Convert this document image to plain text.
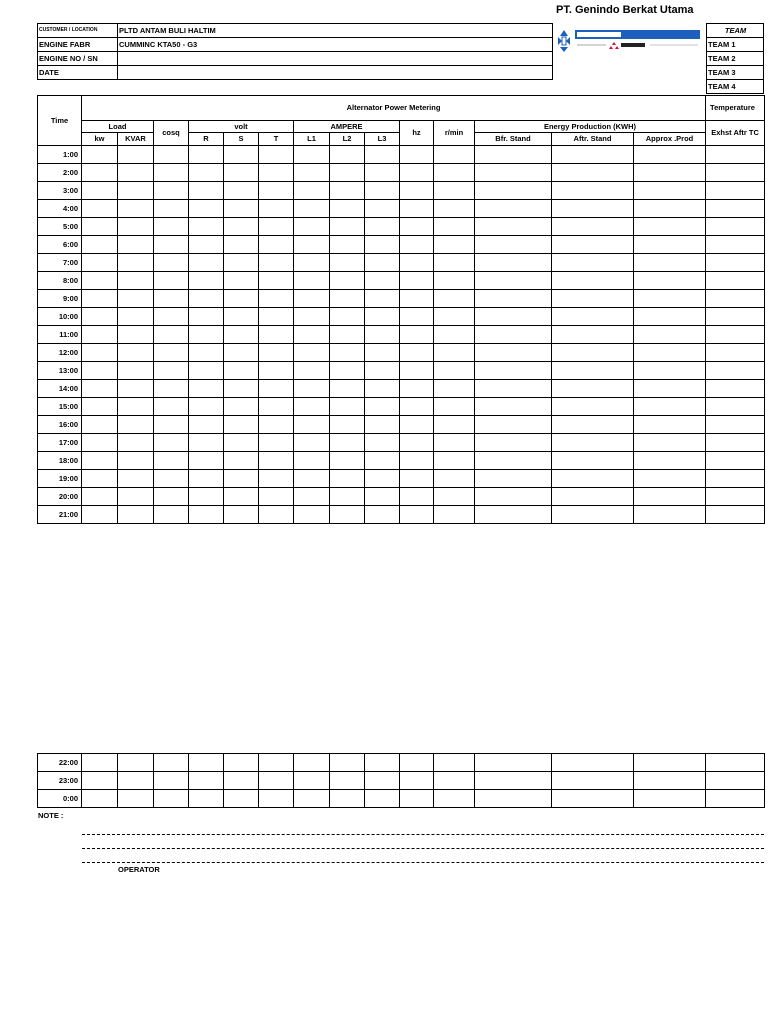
PT. Genindo Berkat Utama
CUSTOMER / LOCATION	PLTD ANTAM BULI HALTIM
ENGINE FABR	CUMMINC KTA50 - G3
ENGINE NO / SN	
DATE	
TEAM
TEAM 1
TEAM 2
TEAM 3
TEAM 4
Time	Alternator Power Metering														Temperature
	Load		cosq	volt			AMPERE			hz	r/min	Energy Production (KWH)			Exhst Aftr TC
	kw	KVAR		R	S	T	L1	L2	L3			Bfr. Stand	Aftr. Stand	Approx .Prod	
1:00															
2:00															
3:00															
4:00															
5:00															
6:00															
7:00															
8:00															
9:00															
10:00															
11:00															
12:00															
13:00															
14:00															
15:00															
16:00															
17:00															
18:00															
19:00															
20:00															
21:00															
22:00															
23:00															
0:00															
NOTE :
OPERATOR
